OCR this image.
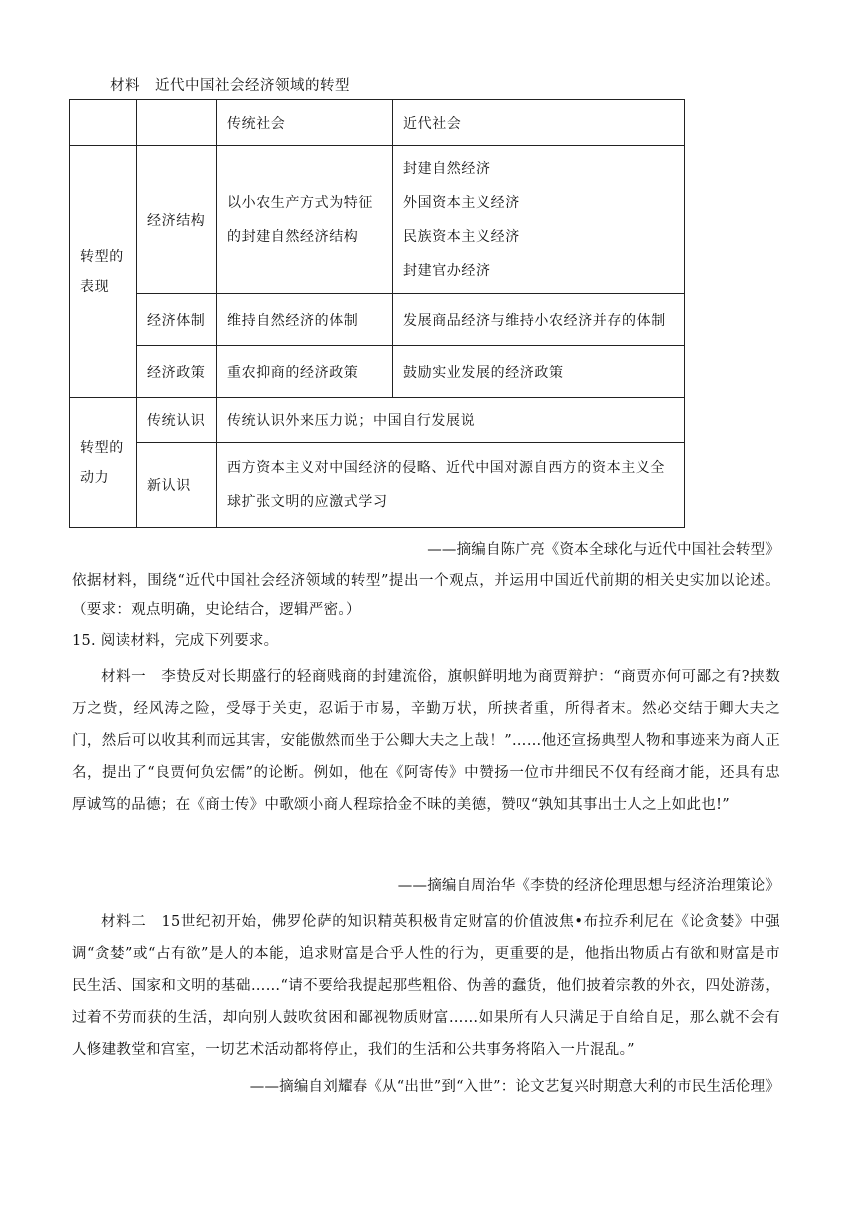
材料　近代中国社会经济领域的转型
		传统社会	近代社会
转型的表现	经济结构	以小农生产方式为特征的封建自然经济结构	封建自然经济
外国资本主义经济
民族资本主义经济
封建官办经济

	经济体制	维持自然经济的体制	发展商品经济与维持小农经济并存的体制
	经济政策	重农抑商的经济政策	鼓励实业发展的经济政策
转型的动力	传统认识	传统认识外来压力说；中国自行发展说	
	新认识	西方资本主义对中国经济的侵略、近代中国对源自西方的资本主义全球扩张文明的应激式学习	
——摘编自陈广亮《资本全球化与近代中国社会转型》
依据材料，围绕“近代中国社会经济领域的转型”提出一个观点，并运用中国近代前期的相关史实加以论述。（要求：观点明确，史论结合，逻辑严密。）
15. 阅读材料，完成下列要求。
材料一　李贽反对长期盛行的轻商贱商的封建流俗，旗帜鲜明地为商贾辩护：“商贾亦何可鄙之有?挟数万之赀，经风涛之险，受辱于关吏，忍诟于市易，辛勤万状，所挟者重，所得者末。然必交结于卿大夫之门，然后可以收其利而远其害，安能傲然而坐于公卿大夫之上哉！”……他还宣扬典型人物和事迹来为商人正名，提出了“良贾何负宏儒”的论断。例如，他在《阿寄传》中赞扬一位市井细民不仅有经商才能，还具有忠厚诚笃的品德；在《商士传》中歌颂小商人程琮拾金不昧的美德，赞叹“孰知其事出士人之上如此也!”
——摘编自周治华《李贽的经济伦理思想与经济治理策论》
材料二　15世纪初开始，佛罗伦萨的知识精英积极肯定财富的价值波焦•布拉乔利尼在《论贪婪》中强调“贪婪”或“占有欲”是人的本能，追求财富是合乎人性的行为，更重要的是，他指出物质占有欲和财富是市民生活、国家和文明的基础……“请不要给我提起那些粗俗、伪善的蠢货，他们披着宗教的外衣，四处游荡，过着不劳而获的生活，却向别人鼓吹贫困和鄙视物质财富……如果所有人只满足于自给自足，那么就不会有人修建教堂和宫室，一切艺术活动都将停止，我们的生活和公共事务将陷入一片混乱。”
——摘编自刘耀春《从“出世”到“入世”：论文艺复兴时期意大利的市民生活伦理》
